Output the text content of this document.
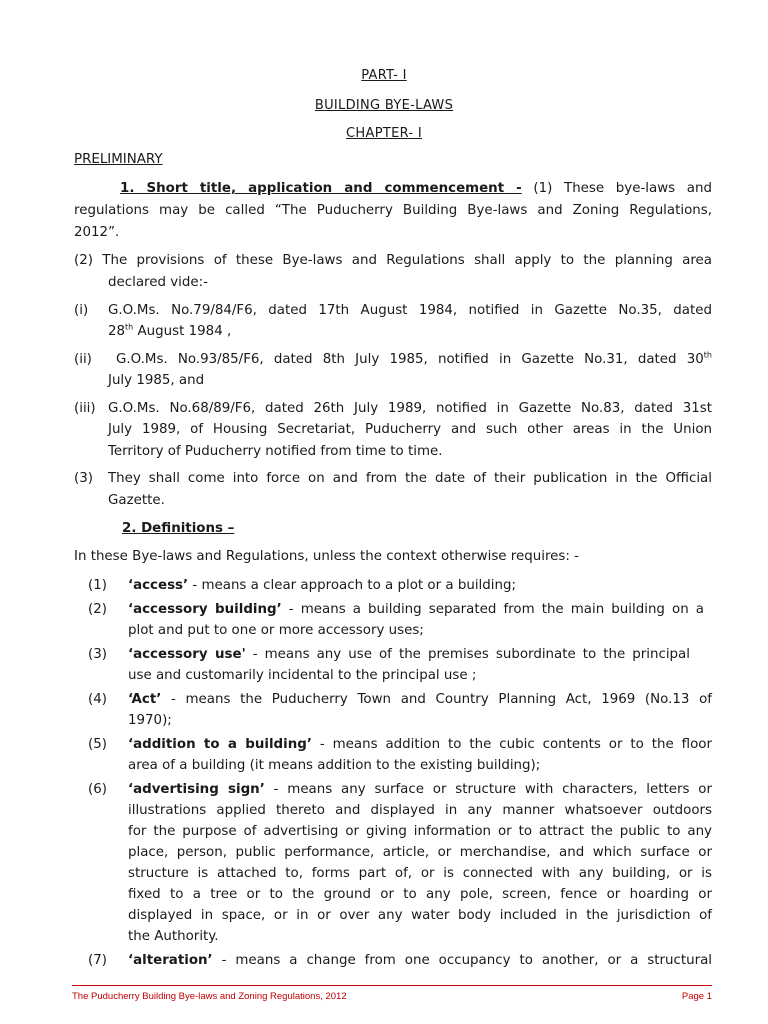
PART- I
BUILDING BYE-LAWS
CHAPTER- I
PRELIMINARY
1. Short title, application and commencement - (1) These bye-laws and
regulations may be called “The Puducherry Building Bye-laws and Zoning Regulations,
2012”.
(2) The provisions of these Bye-laws and Regulations shall apply to the planning area
declared vide:-
(i) G.O.Ms. No.79/84/F6, dated 17th August 1984, notified in Gazette No.35, dated
28th August 1984 ,
(ii) G.O.Ms. No.93/85/F6, dated 8th July 1985, notified in Gazette No.31, dated 30th
July 1985, and
(iii) G.O.Ms. No.68/89/F6, dated 26th July 1989, notified in Gazette No.83, dated 31st
July 1989, of Housing Secretariat, Puducherry and such other areas in the Union
Territory of Puducherry notified from time to time.
(3) They shall come into force on and from the date of their publication in the Official
Gazette.
2. Definitions –
In these Bye-laws and Regulations, unless the context otherwise requires: -
(1) ‘access’ - means a clear approach to a plot or a building;
(2) ‘accessory building’ - means a building separated from the main building on a
plot and put to one or more accessory uses;
(3) ‘accessory use' - means any use of the premises subordinate to the principal
use and customarily incidental to the principal use ;
(4) ‘Act’ - means the Puducherry Town and Country Planning Act, 1969 (No.13 of
1970);
(5) ‘addition to a building’ - means addition to the cubic contents or to the floor
area of a building (it means addition to the existing building);
(6) ‘advertising sign’ - means any surface or structure with characters, letters or
illustrations applied thereto and displayed in any manner whatsoever outdoors
for the purpose of advertising or giving information or to attract the public to any
place, person, public performance, article, or merchandise, and which surface or
structure is attached to, forms part of, or is connected with any building, or is
fixed to a tree or to the ground or to any pole, screen, fence or hoarding or
displayed in space, or in or over any water body included in the jurisdiction of
the Authority.
(7) ‘alteration’ - means a change from one occupancy to another, or a structural
The Puducherry Building Bye-laws and Zoning Regulations, 2012	Page 1
